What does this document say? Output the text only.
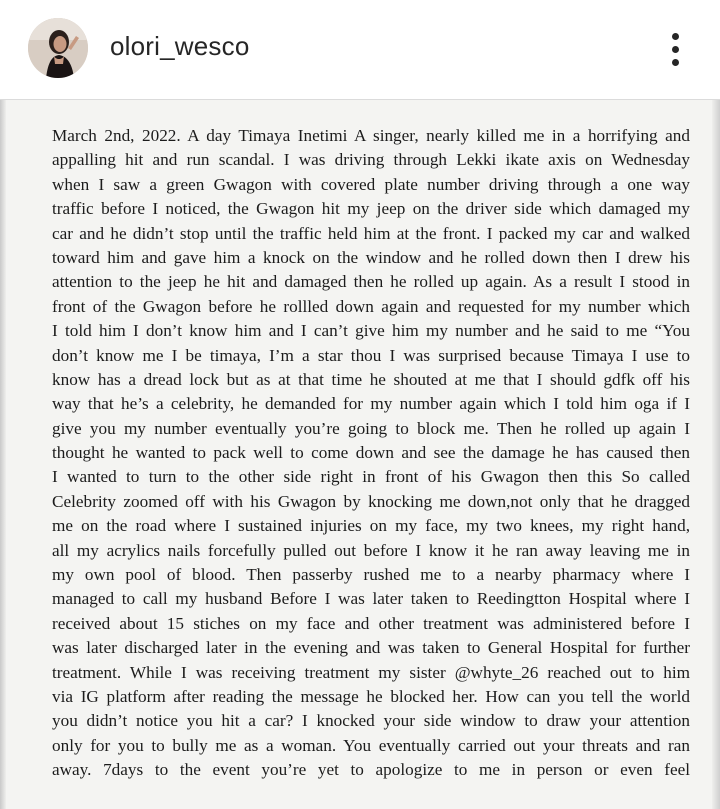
olori_wesco
March 2nd, 2022. A day Timaya Inetimi A singer, nearly killed me in a horrifying and
appalling hit and run scandal. I was driving through Lekki ikate axis on Wednesday
when I saw a green Gwagon with covered plate number driving through a one way
traffic before I noticed, the Gwagon hit my jeep on the driver side which damaged my
car and he didn’t stop until the traffic held him at the front. I packed my car and walked
toward him and gave him a knock on the window and he rolled down then I drew his
attention to the jeep he hit and damaged then he rolled up again. As a result I stood in
front of the Gwagon before he rollled down again and requested for my number which
I told him I don’t know him and I can’t give him my number and he said to me “You
don’t know me I be timaya, I’m a star thou I was surprised because Timaya I use to
know has a dread lock but as at that time he shouted at me that I should gdfk off his
way that he’s a celebrity, he demanded for my number again which I told him oga if I
give you my number eventually you’re going to block me. Then he rolled up again I
thought he wanted to pack well to come down and see the damage he has caused then
I wanted to turn to the other side right in front of his Gwagon then this So called
Celebrity zoomed off with his Gwagon by knocking me down,not only that he dragged
me on the road where I sustained injuries on my face, my two knees, my right hand,
all my acrylics nails forcefully pulled out before I know it he ran away leaving me in
my own pool of blood. Then passerby rushed me to a nearby pharmacy where I
managed to call my husband Before I was later taken to Reedingtton Hospital where I
received about 15 stiches on my face and other treatment was administered before I
was later discharged later in the evening and was taken to General Hospital for further
treatment. While I was receiving treatment my sister @whyte_26 reached out to him
via IG platform after reading the message he blocked her. How can you tell the world
you didn’t notice you hit a car? I knocked your side window to draw your attention
only for you to bully me as a woman. You eventually carried out your threats and ran
away. 7days to the event you’re yet to apologize to me in person or even feel
